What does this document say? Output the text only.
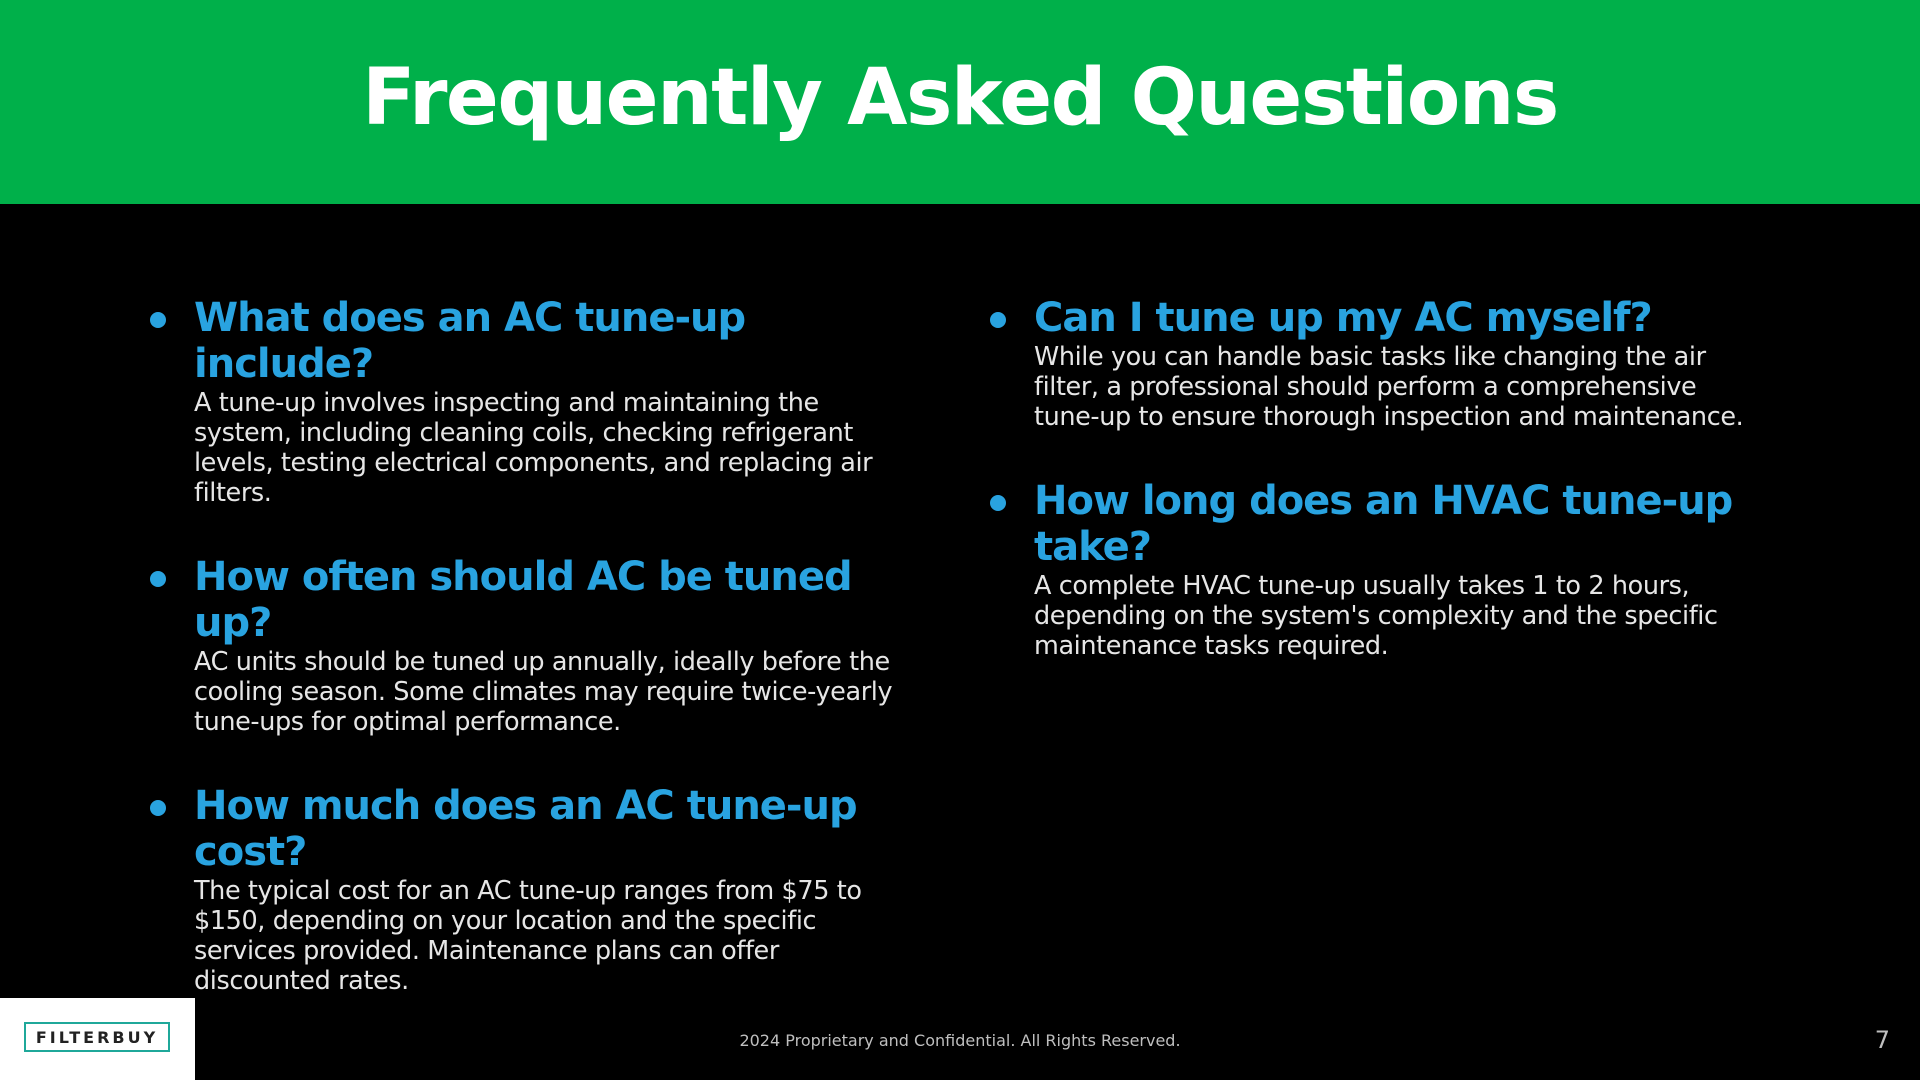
Frequently Asked Questions

What does an AC tune-up include?

A tune-up involves inspecting and maintaining the system, including cleaning coils, checking refrigerant levels, testing electrical components, and replacing air filters.

How often should AC be tuned up?

AC units should be tuned up annually, ideally before the cooling season. Some climates may require twice-yearly tune-ups for optimal performance.

How much does an AC tune-up cost?

The typical cost for an AC tune-up ranges from $75 to $150, depending on your location and the specific services provided. Maintenance plans can offer discounted rates.

Can I tune up my AC myself?

While you can handle basic tasks like changing the air filter, a professional should perform a comprehensive tune-up to ensure thorough inspection and maintenance.

How long does an HVAC tune-up take?

A complete HVAC tune-up usually takes 1 to 2 hours, depending on the system's complexity and the specific maintenance tasks required.

FILTERBUY	2024 Proprietary and Confidential. All Rights Reserved.	7
